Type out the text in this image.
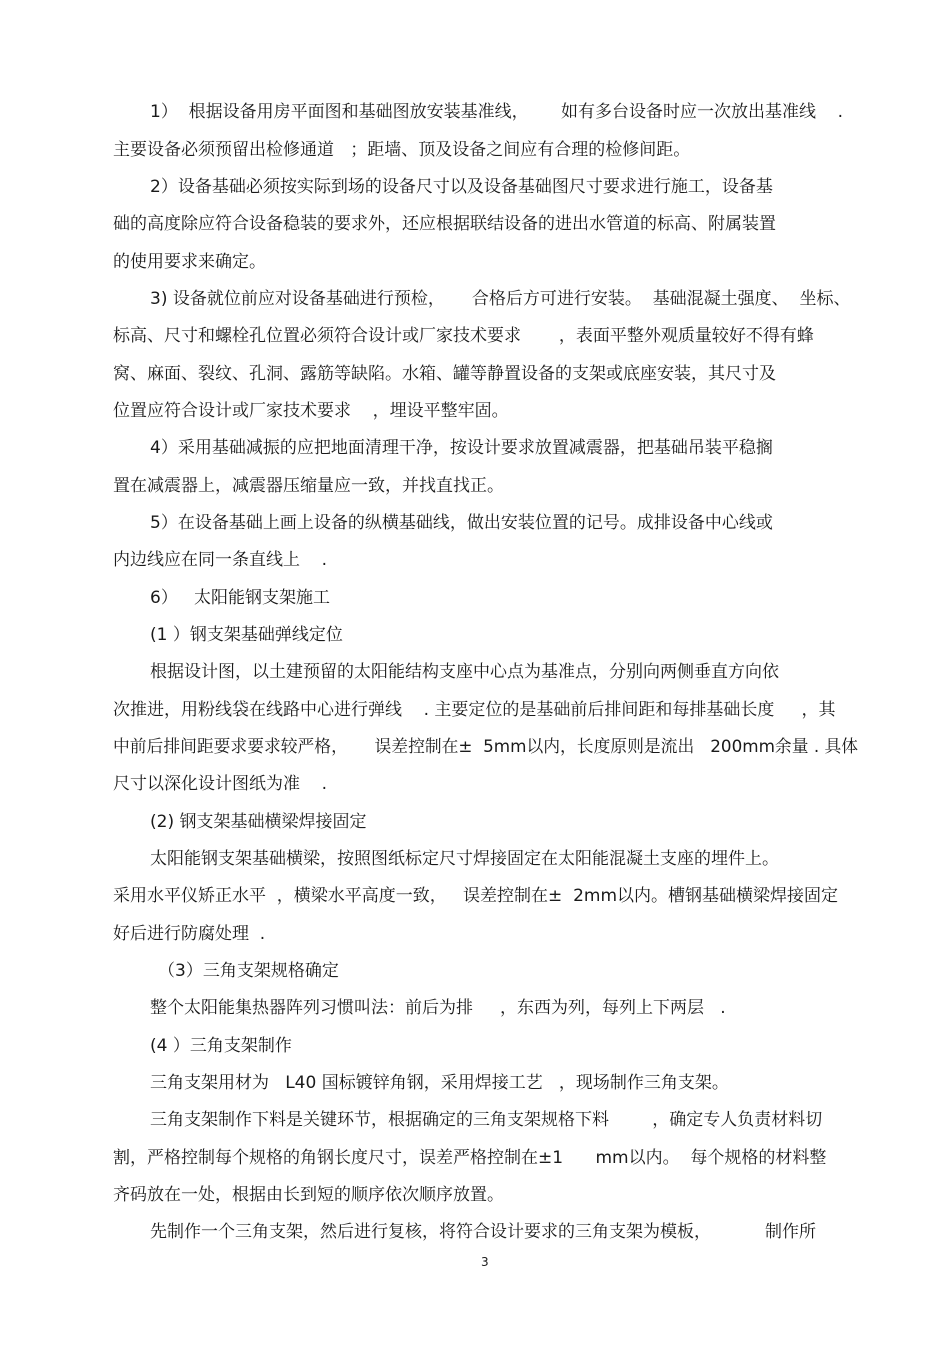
1）  根据设备用房平面图和基础图放安装基准线，      如有多台设备时应一次放出基准线    .
主要设备必须预留出检修通道   ；距墙、顶及设备之间应有合理的检修间距。
2）设备基础必须按实际到场的设备尺寸以及设备基础图尺寸要求进行施工，设备基
础的高度除应符合设备稳装的要求外，还应根据联结设备的进出水管道的标高、附属装置
的使用要求来确定。
3) 设备就位前应对设备基础进行预检，     合格后方可进行安装。  基础混凝土强度、  坐标、
标高、尺寸和螺栓孔位置必须符合设计或厂家技术要求       ，表面平整外观质量较好不得有蜂
窝、麻面、裂纹、孔洞、露筋等缺陷。水箱、罐等静置设备的支架或底座安装，其尺寸及
位置应符合设计或厂家技术要求    ，埋设平整牢固。
4）采用基础减振的应把地面清理干净，按设计要求放置减震器，把基础吊装平稳搁
置在减震器上，减震器压缩量应一致，并找直找正。
5）在设备基础上画上设备的纵横基础线，做出安装位置的记号。成排设备中心线或
内边线应在同一条直线上    .
6）   太阳能钢支架施工
(1 ）钢支架基础弹线定位
根据设计图，以土建预留的太阳能结构支座中心点为基准点，分别向两侧垂直方向依
次推进，用粉线袋在线路中心进行弹线    . 主要定位的是基础前后排间距和每排基础长度     ，其
中前后排间距要求要求较严格，     误差控制在±  5mm以内，长度原则是流出   200mm余量 . 具体
尺寸以深化设计图纸为准    .
(2) 钢支架基础横梁焊接固定
太阳能钢支架基础横梁，按照图纸标定尺寸焊接固定在太阳能混凝土支座的埋件上。
采用水平仪矫正水平  ，横梁水平高度一致，   误差控制在±  2mm以内。槽钢基础横梁焊接固定
好后进行防腐处理  .
（3）三角支架规格确定
整个太阳能集热器阵列习惯叫法：前后为排     ，东西为列，每列上下两层   .
(4 ）三角支架制作
三角支架用材为   L40 国标镀锌角钢，采用焊接工艺   ，现场制作三角支架。
三角支架制作下料是关键环节，根据确定的三角支架规格下料        ，确定专人负责材料切
割，严格控制每个规格的角钢长度尺寸，误差严格控制在±1      mm以内。  每个规格的材料整
齐码放在一处，根据由长到短的顺序依次顺序放置。
先制作一个三角支架，然后进行复核，将符合设计要求的三角支架为模板，          制作所
3
